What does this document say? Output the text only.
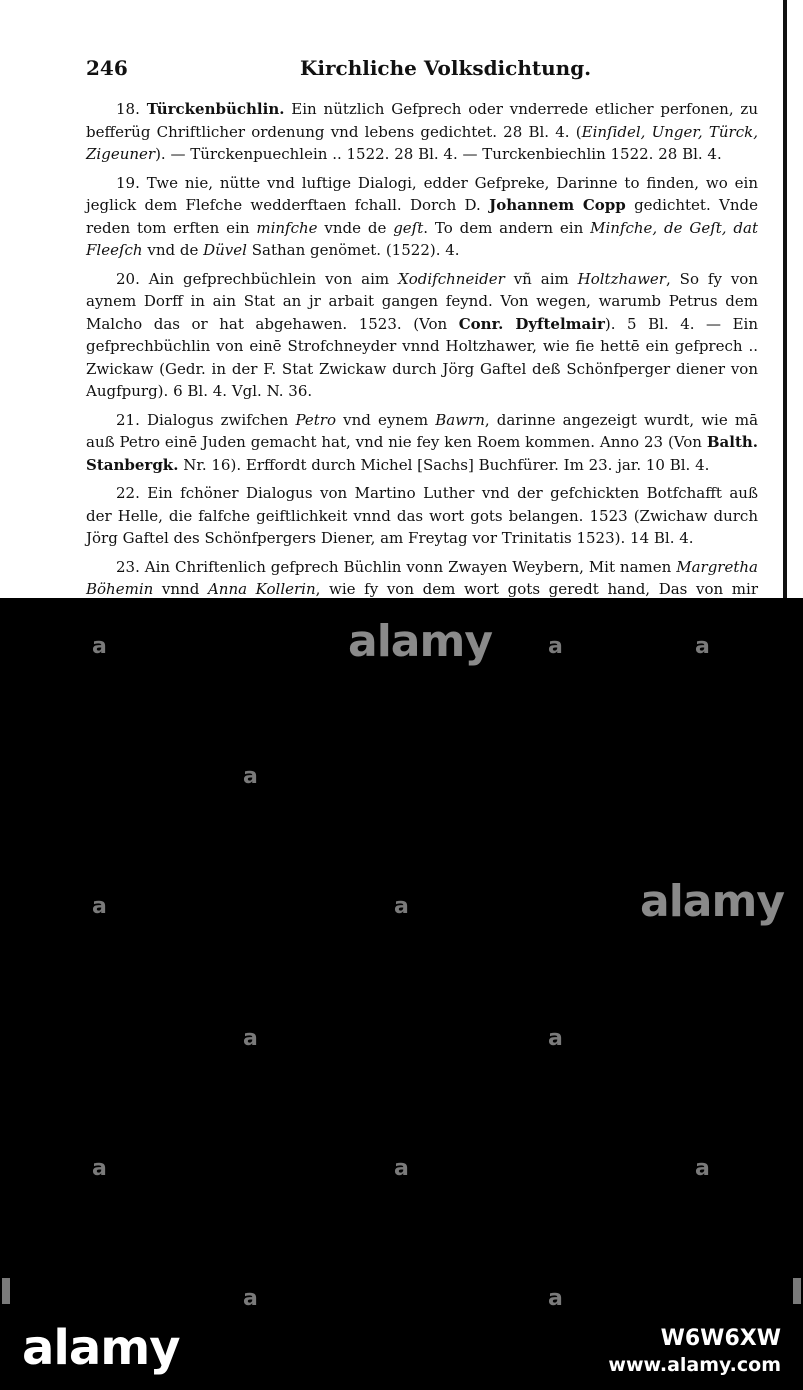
246	Kirchliche Volksdichtung.

18. Türckenbüchlin. Ein nützlich Gefprech oder vnderrede etlicher perfonen, zu befferüg Chriftlicher ordenung vnd lebens gedichtet. 28 Bl. 4. (Einſidel, Unger, Türck, Zigeuner). — Türckenpuechlein .. 1522. 28 Bl. 4. — Turckenbiechlin 1522. 28 Bl. 4.

19. Twe nie, nütte vnd luftige Dialogi, edder Gefpreke, Darinne to finden, wo ein jeglick dem Flefche wedderftaen fchall. Dorch D. Johannem Copp gedichtet. Vnde reden tom erften ein minfche vnde de geſt. To dem andern ein Minfche, de Geſt, dat Fleeſch vnd de Düvel Sathan genömet. (1522). 4.

20. Ain gefprechbüchlein von aim Xodifchneider vñ aim Holtzhawer, So fy von aynem Dorff in ain Stat an jr arbait gangen feynd. Von wegen, warumb Petrus dem Malcho das or hat abgehawen. 1523. (Von Conr. Dyftelmair). 5 Bl. 4. — Ein gefprechbüchlin von einē Strofchneyder vnnd Holtzhawer, wie fie hettē ein gefprech .. Zwickaw (Gedr. in der F. Stat Zwickaw durch Jörg Gaftel deß Schönfperger diener von Augfpurg). 6 Bl. 4. Vgl. N. 36.

21. Dialogus zwifchen Petro vnd eynem Bawrn, darinne angezeigt wurdt, wie mā auß Petro einē Juden gemacht hat, vnd nie fey ken Roem kommen. Anno 23 (Von Balth. Stanbergk. Nr. 16). Erffordt durch Michel [Sachs] Buchfürer. Im 23. jar. 10 Bl. 4.

22. Ein fchöner Dialogus von Martino Luther vnd der gefchickten Botfchafft auß der Helle, die falfche geiftlichkeit vnnd das wort gots belangen. 1523 (Zwichaw durch Jörg Gaftel des Schönfpergers Diener, am Freytag vor Trinitatis 1523). 14 Bl. 4.

23. Ain Chriftenlich gefprech Büchlin vonn Zwayen Weybern, Mit namen Margretha Böhemin vnnd Anna Kollerin, wie fy von dem wort gots geredt hand, Das von mir

a	alamy	a	a
a
a	a	alamy
a	a
a	a	a
a	a
alamy	W6W6XW
www.alamy.com
